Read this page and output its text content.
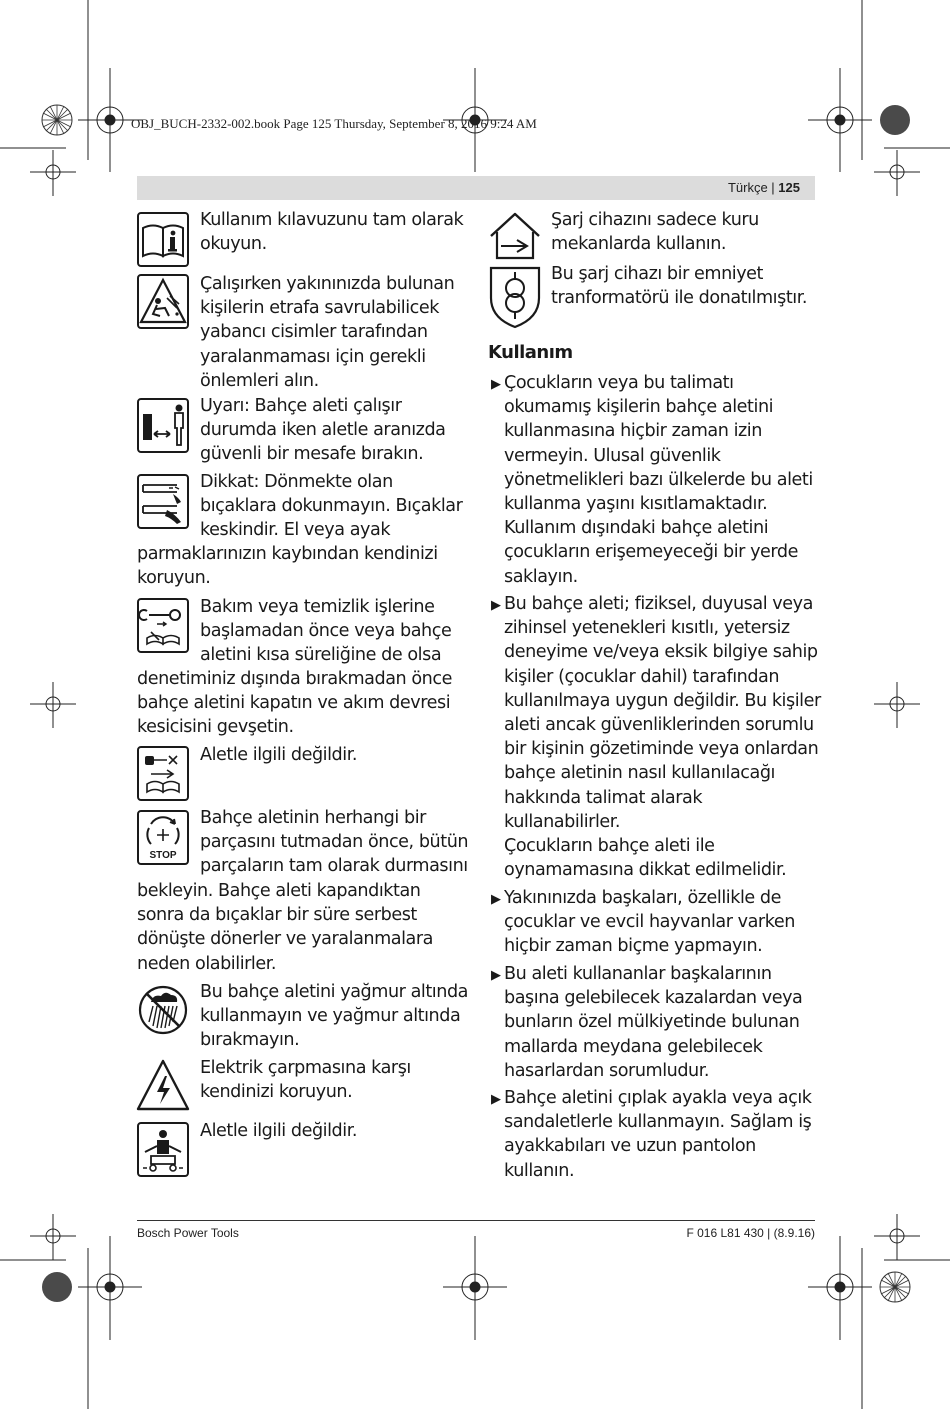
OBJ_BUCH-2332-002.book Page 125 Thursday, September 8, 2016 9:24 AM
Türkçe | 125
STOP
Kullanım kılavuzunu tam olarak
okuyun.
Çalışırken yakınınızda bulunan
kişilerin etrafa savrulabilicek
yabancı cisimler tarafından
yaralanmaması için gerekli
önlemleri alın.
Uyarı: Bahçe aleti çalışır
durumda iken aletle aranızda
güvenli bir mesafe bırakın.
Dikkat: Dönmekte olan
bıçaklara dokunmayın. Bıçaklar
keskindir. El veya ayak
parmaklarınızın kaybından kendinizi
koruyun.
Bakım veya temizlik işlerine
başlamadan önce veya bahçe
aletini kısa süreliğine de olsa
denetiminiz dışında bırakmadan önce
bahçe aletini kapatın ve akım devresi
kesicisini gevşetin.
Aletle ilgili değildir.
Bahçe aletinin herhangi bir
parçasını tutmadan önce, bütün
parçaların tam olarak durmasını
bekleyin. Bahçe aleti kapandıktan
sonra da bıçaklar bir süre serbest
dönüşte dönerler ve yaralanmalara
neden olabilirler.
Bu bahçe aletini yağmur altında
kullanmayın ve yağmur altında
bırakmayın.
Elektrik çarpmasına karşı
kendinizi koruyun.
Aletle ilgili değildir.
Şarj cihazını sadece kuru
mekanlarda kullanın.
Bu şarj cihazı bir emniyet
tranformatörü ile donatılmıştır.
Kullanım
▶ Çocukların veya bu talimatı
okumamış kişilerin bahçe aletini
kullanmasına hiçbir zaman izin
vermeyin. Ulusal güvenlik
yönetmelikleri bazı ülkelerde bu aleti
kullanma yaşını kısıtlamaktadır.
Kullanım dışındaki bahçe aletini
çocukların erişemeyeceği bir yerde
saklayın.
▶ Bu bahçe aleti; fiziksel, duyusal veya
zihinsel yetenekleri kısıtlı, yetersiz
deneyime ve/veya eksik bilgiye sahip
kişiler (çocuklar dahil) tarafından
kullanılmaya uygun değildir. Bu kişiler
aleti ancak güvenliklerinden sorumlu
bir kişinin gözetiminde veya onlardan
bahçe aletinin nasıl kullanılacağı
hakkında talimat alarak
kullanabilirler.
Çocukların bahçe aleti ile
oynamamasına dikkat edilmelidir.
▶ Yakınınızda başkaları, özellikle de
çocuklar ve evcil hayvanlar varken
hiçbir zaman biçme yapmayın.
▶ Bu aleti kullananlar başkalarının
başına gelebilecek kazalardan veya
bunların özel mülkiyetinde bulunan
mallarda meydana gelebilecek
hasarlardan sorumludur.
▶ Bahçe aletini çıplak ayakla veya açık
sandaletlerle kullanmayın. Sağlam iş
ayakkabıları ve uzun pantolon
kullanın.
Bosch Power Tools	F 016 L81 430 | (8.9.16)
